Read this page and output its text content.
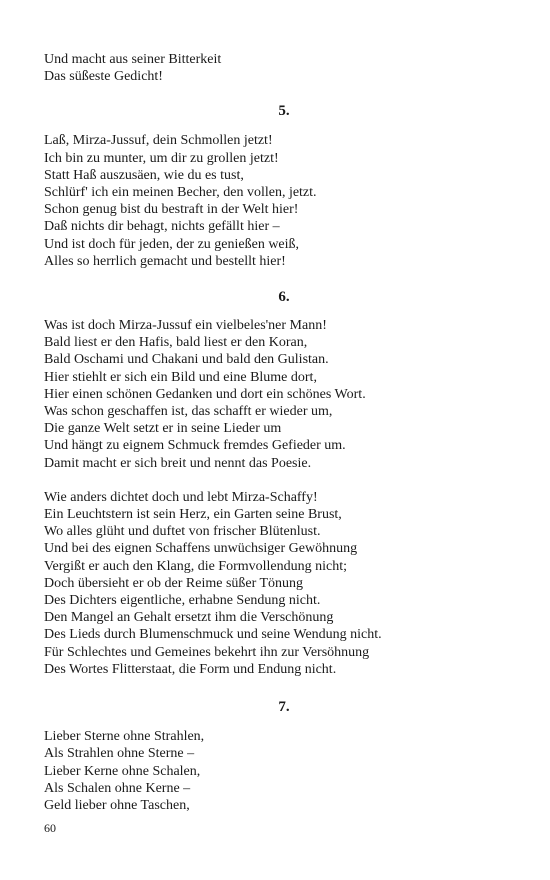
Und macht aus seiner Bitterkeit
Das süßeste Gedicht!
5.
Laß, Mirza-Jussuf, dein Schmollen jetzt!
Ich bin zu munter, um dir zu grollen jetzt!
Statt Haß auszusäen, wie du es tust,
Schlürf' ich ein meinen Becher, den vollen, jetzt.
Schon genug bist du bestraft in der Welt hier!
Daß nichts dir behagt, nichts gefällt hier –
Und ist doch für jeden, der zu genießen weiß,
Alles so herrlich gemacht und bestellt hier!
6.
Was ist doch Mirza-Jussuf ein vielbeles'ner Mann!
Bald liest er den Hafis, bald liest er den Koran,
Bald Oschami und Chakani und bald den Gulistan.
Hier stiehlt er sich ein Bild und eine Blume dort,
Hier einen schönen Gedanken und dort ein schönes Wort.
Was schon geschaffen ist, das schafft er wieder um,
Die ganze Welt setzt er in seine Lieder um
Und hängt zu eignem Schmuck fremdes Gefieder um.
Damit macht er sich breit und nennt das Poesie.
Wie anders dichtet doch und lebt Mirza-Schaffy!
Ein Leuchtstern ist sein Herz, ein Garten seine Brust,
Wo alles glüht und duftet von frischer Blütenlust.
Und bei des eignen Schaffens unwüchsiger Gewöhnung
Vergißt er auch den Klang, die Formvollendung nicht;
Doch übersieht er ob der Reime süßer Tönung
Des Dichters eigentliche, erhabne Sendung nicht.
Den Mangel an Gehalt ersetzt ihm die Verschönung
Des Lieds durch Blumenschmuck und seine Wendung nicht.
Für Schlechtes und Gemeines bekehrt ihn zur Versöhnung
Des Wortes Flitterstaat, die Form und Endung nicht.
7.
Lieber Sterne ohne Strahlen,
Als Strahlen ohne Sterne –
Lieber Kerne ohne Schalen,
Als Schalen ohne Kerne –
Geld lieber ohne Taschen,
60
